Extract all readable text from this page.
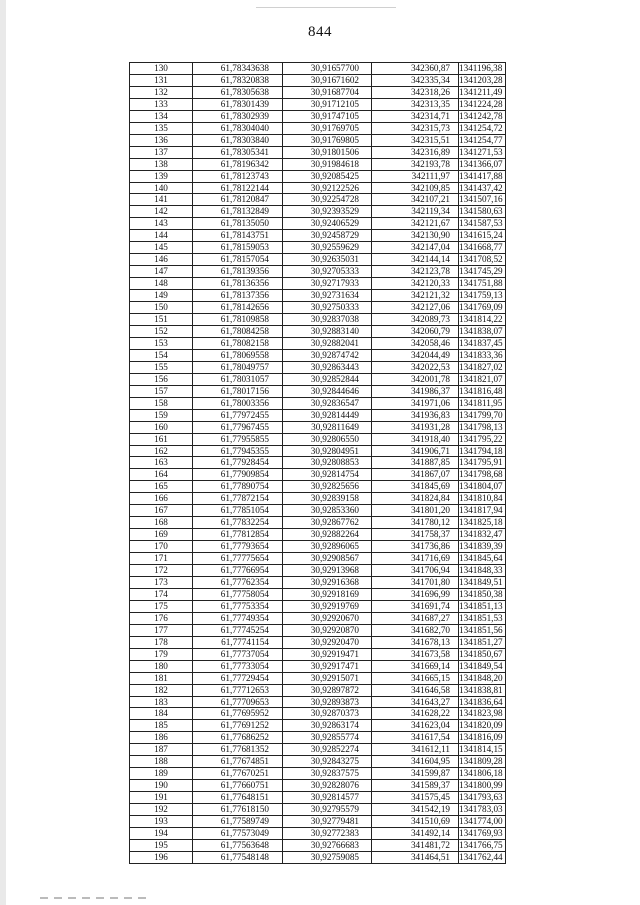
844
130	61,78343638	30,91657700	342360,87	1341196,38
131	61,78320838	30,91671602	342335,34	1341203,28
132	61,78305638	30,91687704	342318,26	1341211,49
133	61,78301439	30,91712105	342313,35	1341224,28
134	61,78302939	30,91747105	342314,71	1341242,78
135	61,78304040	30,91769705	342315,73	1341254,72
136	61,78303840	30,91769805	342315,51	1341254,77
137	61,78305341	30,91801506	342316,89	1341271,53
138	61,78196342	30,91984618	342193,78	1341366,07
139	61,78123743	30,92085425	342111,97	1341417,88
140	61,78122144	30,92122526	342109,85	1341437,42
141	61,78120847	30,92254728	342107,21	1341507,16
142	61,78132849	30,92393529	342119,34	1341580,63
143	61,78135050	30,92406529	342121,67	1341587,53
144	61,78143751	30,92458729	342130,90	1341615,24
145	61,78159053	30,92559629	342147,04	1341668,77
146	61,78157054	30,92635031	342144,14	1341708,52
147	61,78139356	30,92705333	342123,78	1341745,29
148	61,78136356	30,92717933	342120,33	1341751,88
149	61,78137356	30,92731634	342121,32	1341759,13
150	61,78142656	30,92750333	342127,06	1341769,09
151	61,78109858	30,92837038	342089,73	1341814,22
152	61,78084258	30,92883140	342060,79	1341838,07
153	61,78082158	30,92882041	342058,46	1341837,45
154	61,78069558	30,92874742	342044,49	1341833,36
155	61,78049757	30,92863443	342022,53	1341827,02
156	61,78031057	30,92852844	342001,78	1341821,07
157	61,78017156	30,92844646	341986,37	1341816,48
158	61,78003356	30,92836547	341971,06	1341811,95
159	61,77972455	30,92814449	341936,83	1341799,70
160	61,77967455	30,92811649	341931,28	1341798,13
161	61,77955855	30,92806550	341918,40	1341795,22
162	61,77945355	30,92804951	341906,71	1341794,18
163	61,77928454	30,92808853	341887,85	1341795,91
164	61,77909854	30,92814754	341867,07	1341798,68
165	61,77890754	30,92825656	341845,69	1341804,07
166	61,77872154	30,92839158	341824,84	1341810,84
167	61,77851054	30,92853360	341801,20	1341817,94
168	61,77832254	30,92867762	341780,12	1341825,18
169	61,77812854	30,92882264	341758,37	1341832,47
170	61,77793654	30,92896065	341736,86	1341839,39
171	61,77775654	30,92908567	341716,69	1341845,64
172	61,77766954	30,92913968	341706,94	1341848,33
173	61,77762354	30,92916368	341701,80	1341849,51
174	61,77758054	30,92918169	341696,99	1341850,38
175	61,77753354	30,92919769	341691,74	1341851,13
176	61,77749354	30,92920670	341687,27	1341851,53
177	61,77745254	30,92920870	341682,70	1341851,56
178	61,77741154	30,92920470	341678,13	1341851,27
179	61,77737054	30,92919471	341673,58	1341850,67
180	61,77733054	30,92917471	341669,14	1341849,54
181	61,77729454	30,92915071	341665,15	1341848,20
182	61,77712653	30,92897872	341646,58	1341838,81
183	61,77709653	30,92893873	341643,27	1341836,64
184	61,77695952	30,92870373	341628,22	1341823,98
185	61,77691252	30,92863174	341623,04	1341820,09
186	61,77686252	30,92855774	341617,54	1341816,09
187	61,77681352	30,92852274	341612,11	1341814,15
188	61,77674851	30,92843275	341604,95	1341809,28
189	61,77670251	30,92837575	341599,87	1341806,18
190	61,77660751	30,92828076	341589,37	1341800,99
191	61,77648151	30,92814577	341575,45	1341793,63
192	61,77618150	30,92795579	341542,19	1341783,03
193	61,77589749	30,92779481	341510,69	1341774,00
194	61,77573049	30,92772383	341492,14	1341769,93
195	61,77563648	30,92766683	341481,72	1341766,75
196	61,77548148	30,92759085	341464,51	1341762,44
